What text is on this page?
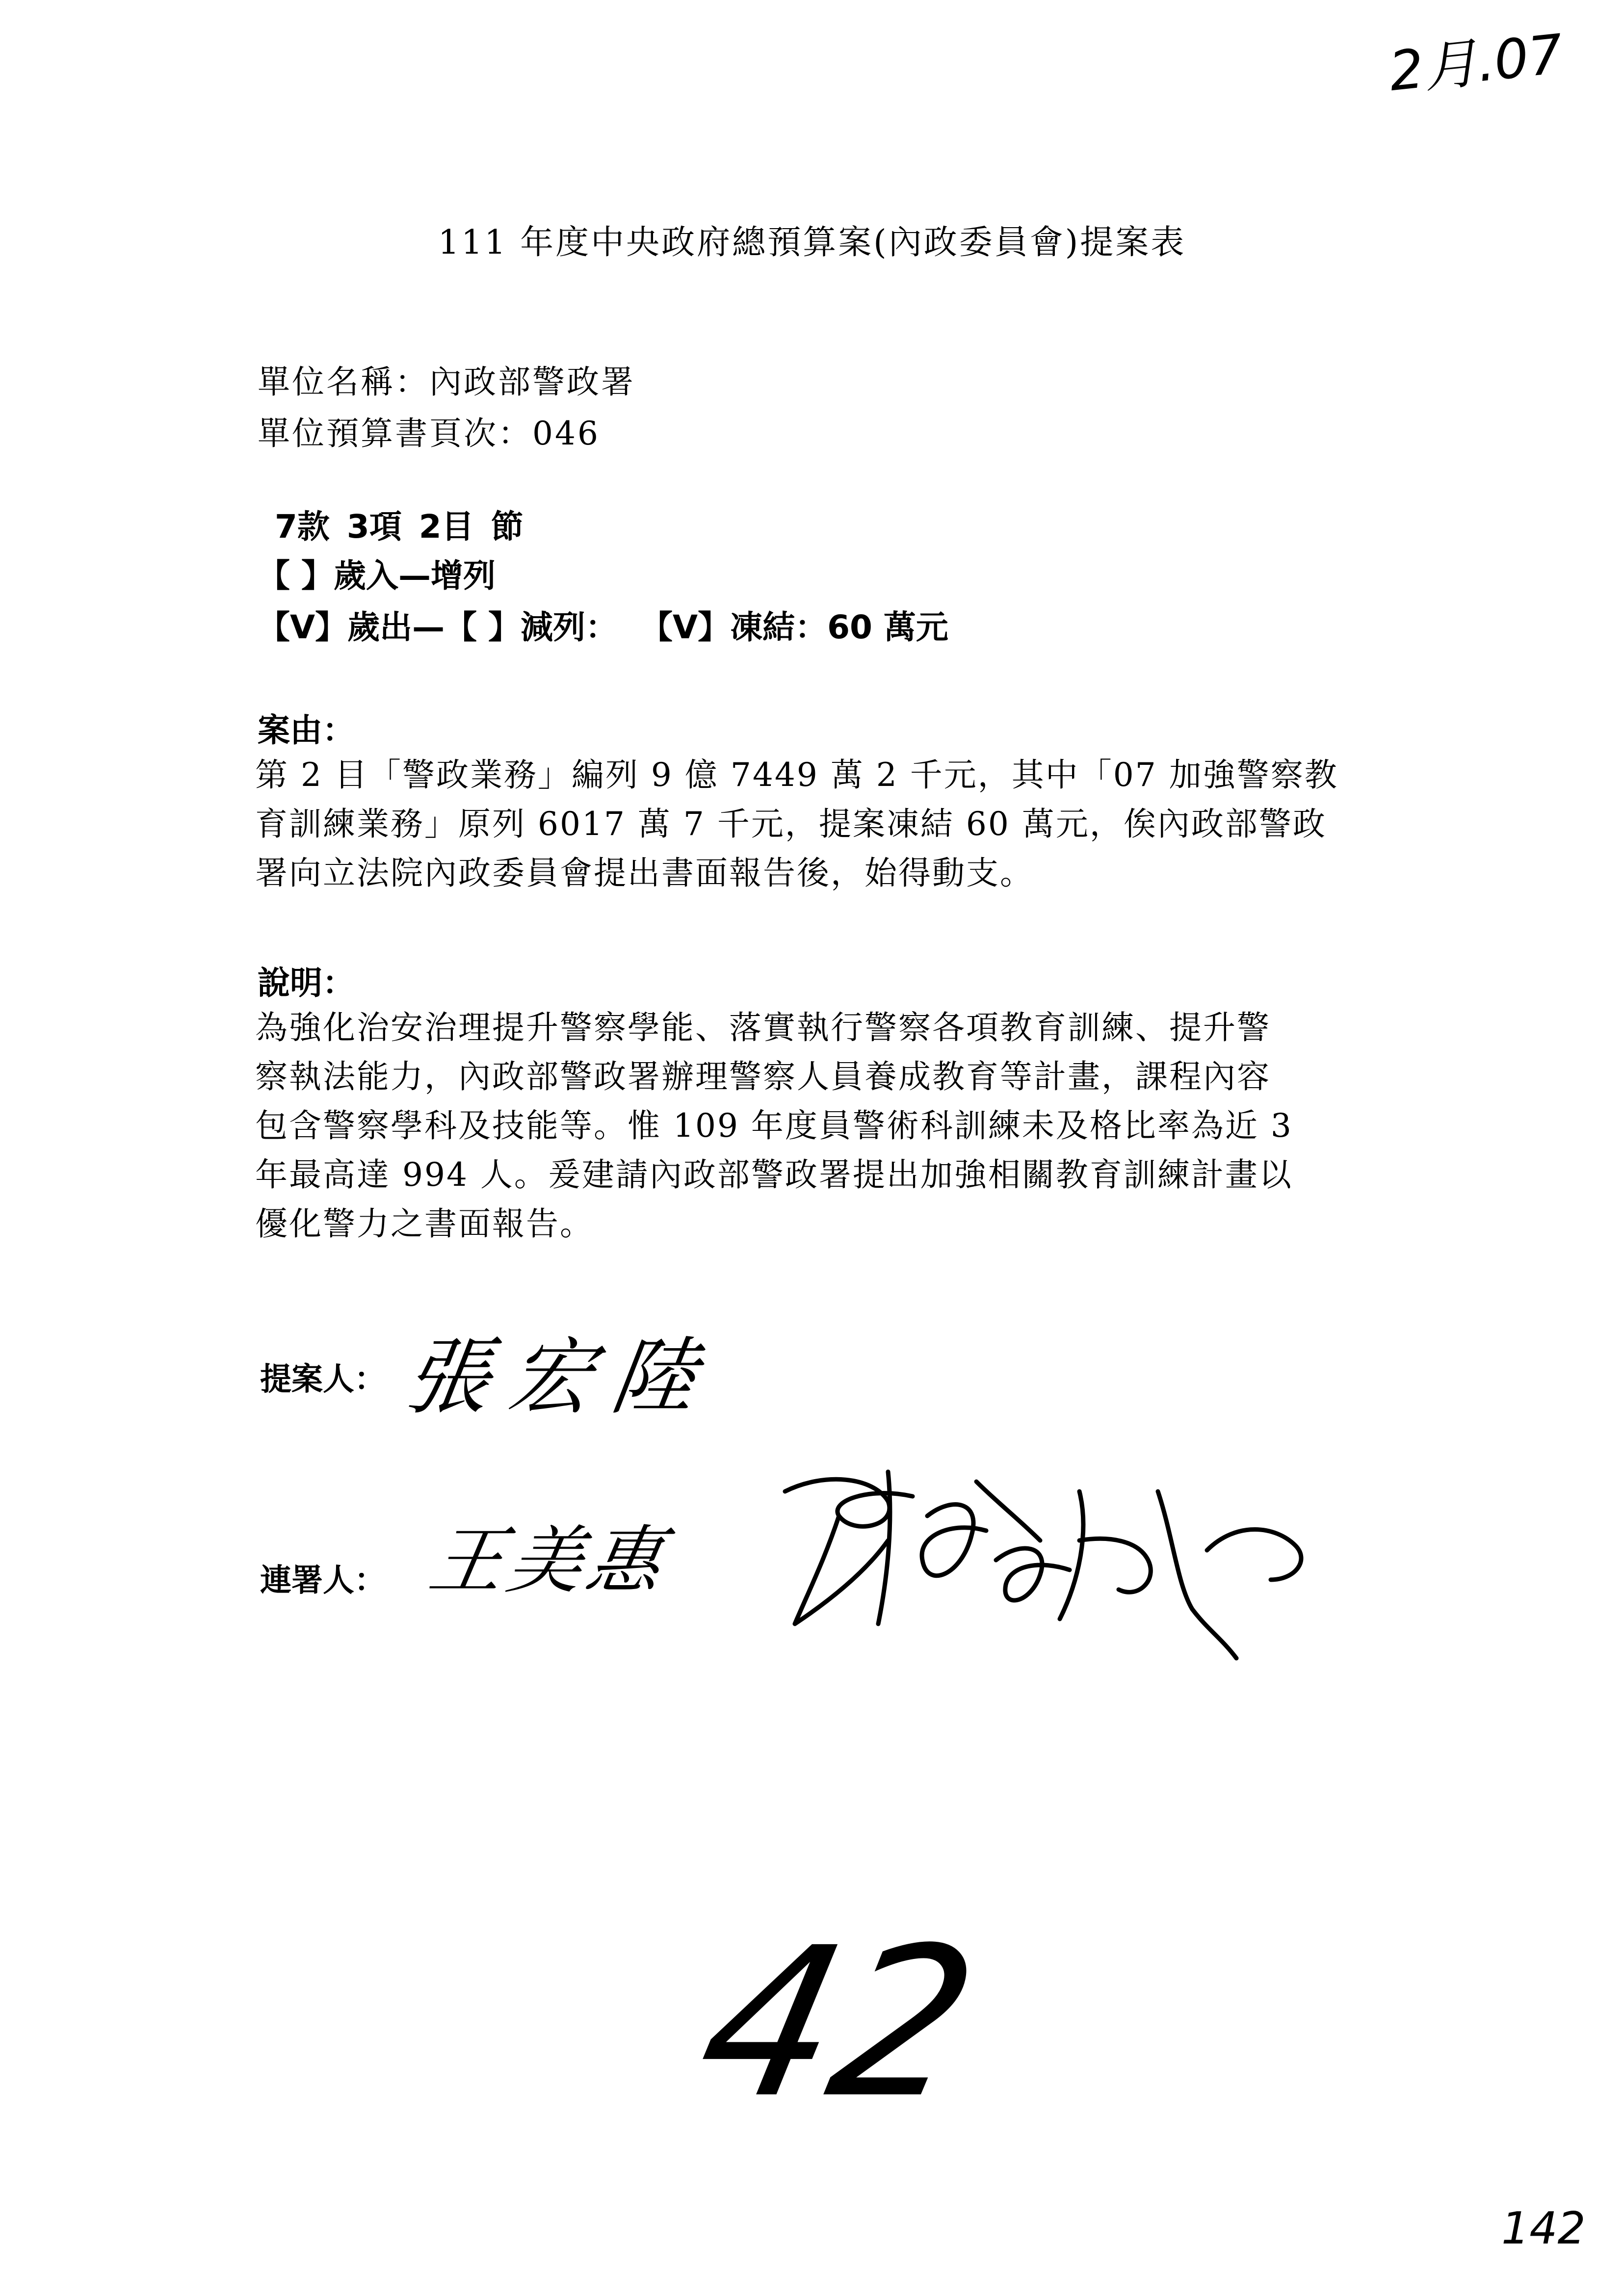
2月.07
111 年度中央政府總預算案(內政委員會)提案表
單位名稱：內政部警政署
單位預算書頁次：046
7款 3項 2目 節
【 】歲入—增列
【V】歲出—【 】減列：  【V】凍結：60 萬元
案由：
第 2 目「警政業務」編列 9 億 7449 萬 2 千元，其中「07 加強警察教
育訓練業務」原列 6017 萬 7 千元，提案凍結 60 萬元，俟內政部警政
署向立法院內政委員會提出書面報告後，始得動支。
說明：
為強化治安治理提升警察學能、落實執行警察各項教育訓練、提升警
察執法能力，內政部警政署辦理警察人員養成教育等計畫，課程內容
包含警察學科及技能等。惟 109 年度員警術科訓練未及格比率為近 3
年最高達 994 人。爰建請內政部警政署提出加強相關教育訓練計畫以
優化警力之書面報告。
提案人： 張宏陸
連署人： 王美惠
42
142
